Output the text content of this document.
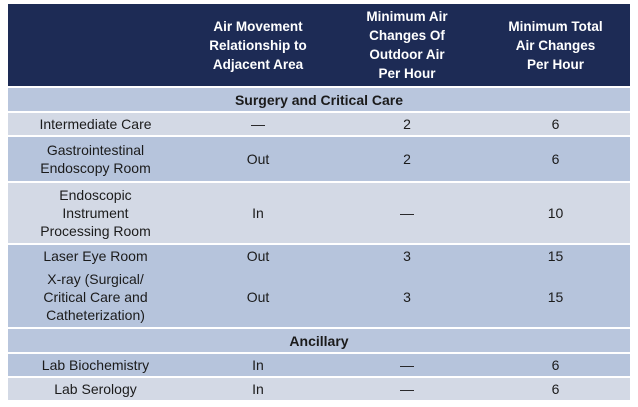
	Air Movement
Relationship to
Adjacent Area	Minimum Air
Changes Of
Outdoor Air
Per Hour	Minimum Total
Air Changes
Per Hour

Surgery and Critical Care			
Intermediate Care	—	2	6

Gastrointestinal
Endoscopy Room	Out	2	6

Endoscopic
Instrument
Processing Room	In	—	10
Laser Eye Room	Out	3	15

X-ray (Surgical/
Critical Care and
Catheterization)	Out	3	15
Ancillary			
Lab Biochemistry	In	—	6
Lab Serology	In	—	6
